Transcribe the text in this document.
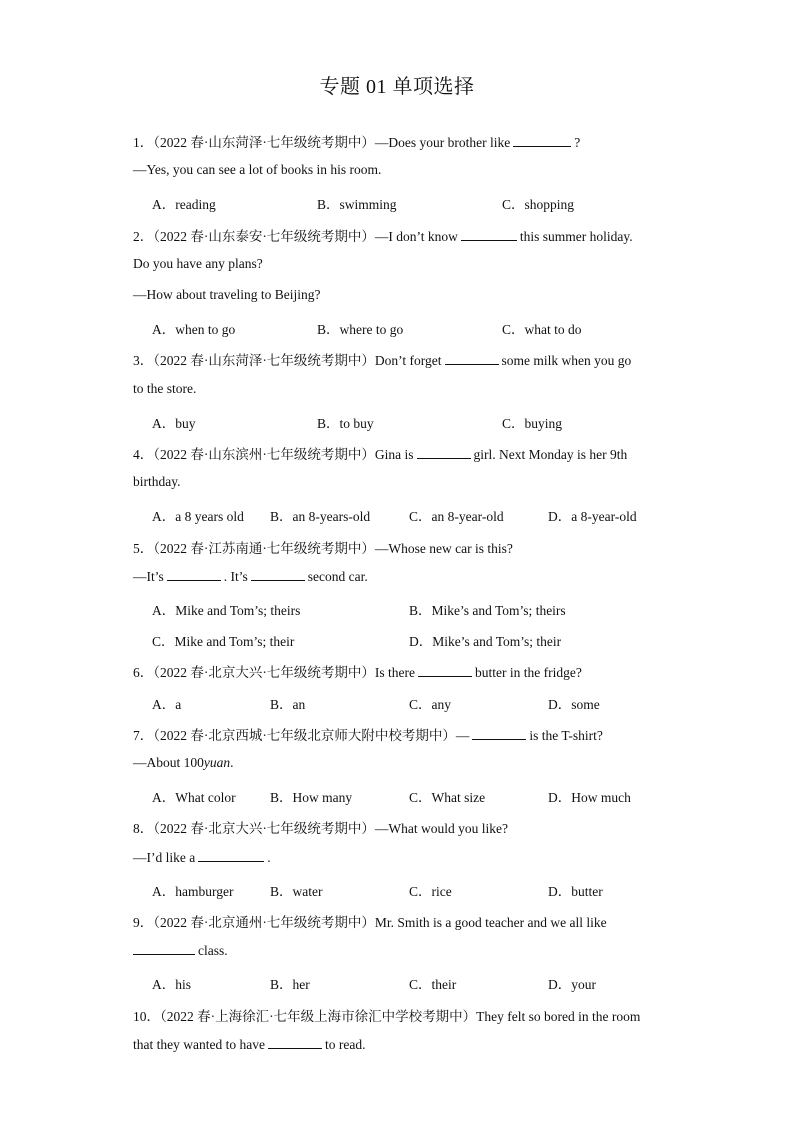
专题 01 单项选择
1．（2022 春·山东菏泽·七年级统考期中）—Does your brother like	?
—Yes, you can see a lot of books in his room.
A．reading	B．swimming	C．shopping
2．（2022 春·山东泰安·七年级统考期中）—I don’t know	this summer holiday.
Do you have any plans?
—How about traveling to Beijing?
A．when to go	B．where to go	C．what to do
3．（2022 春·山东菏泽·七年级统考期中）Don’t forget	some milk when you go
to the store.
A．buy	B．to buy	C．buying
4．（2022 春·山东滨州·七年级统考期中）Gina is	girl. Next Monday is her 9th
birthday.
A．a 8 years old B．an 8-years-old	C．an 8-year-old	D．a 8-year-old
5．（2022 春·江苏南通·七年级统考期中）—Whose new car is this?
—It’s	. It’s	second car.
A．Mike and Tom’s; theirs	B．Mike’s and Tom’s; theirs
C．Mike and Tom’s; their	D．Mike’s and Tom’s; their
6．（2022 春·北京大兴·七年级统考期中）Is there	butter in the fridge?
A．a	B．an	C．any	D．some
7．（2022 春·北京西城·七年级北京师大附中校考期中）—	is the T-shirt?
—About 100yuan.
A．What color	B．How many	C．What size	D．How much
8．（2022 春·北京大兴·七年级统考期中）—What would you like?
—I’d like a	.
A．hamburger	B．water	C．rice	D．butter
9．（2022 春·北京通州·七年级统考期中）Mr. Smith is a good teacher and we all like
class.
A．his	B．her	C．their	D．your
10．（2022 春·上海徐汇·七年级上海市徐汇中学校考期中）They felt so bored in the room
that they wanted to have	to read.
